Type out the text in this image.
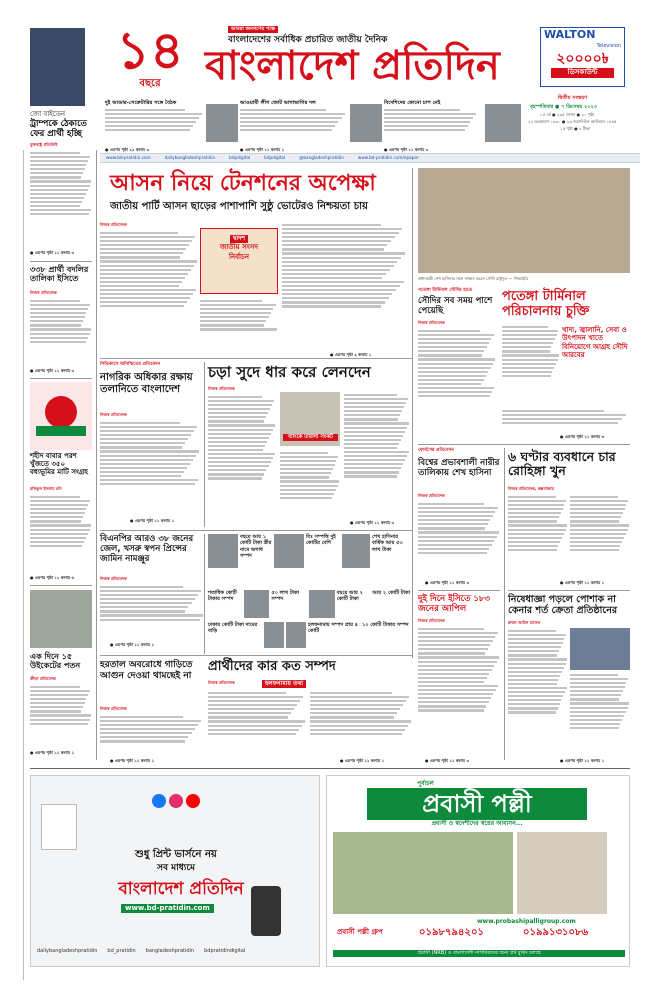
১৪
বছরে
আমরা জনগণের পক্ষে
বাংলাদেশের সর্বাধিক প্রচারিত জাতীয় দৈনিক
বাংলাদেশ প্রতিদিন
WALTON
Television
২০০০০৳
ডিসকাউন্ট
দ্বিতীয় সংস্করণ
বৃহস্পতিবার ● ৭ ডিসেম্বর ২০২৩
১৫ বর্ষ ● ২৩৫ সংখ্যা ● ২০ পৃষ্ঠা
২২ অগ্রহায়ণ ১৪৩০ ● ২৩ জমাদিউল আউয়াল ১৪৪৫
১৫ পৃষ্ঠা ● ৮ টাকা
জো বাইডেন
ট্রাম্পকে ঠেকাতে ফের প্রার্থী হচ্ছি
যুক্তরাষ্ট্র প্রতিনিধি
দুই আন্ডার-সেক্রেটারির সঙ্গে বৈঠক
● এরপর পৃষ্ঠা ২২ কলাম ৩
আওয়ামী লীগ জোট ভাগাভাগির দল
● এরপর পৃষ্ঠা ১১ কলাম ১
বিদেশিদের কোনো চাপ নেই
● এরপর পৃষ্ঠা ১১ কলাম ৩
www.bd-pratidin.com	dailybangladeshpratidin	bdpdigital	bdpdigital	@bangladeshpratidin	www.bd-pratidin.com/epaper
● এরপর পৃষ্ঠা ১১ কলাম ৩
৩৩৮ প্রার্থী বদলির তালিকা ইসিতে
নিজস্ব প্রতিবেদক
● এরপর পৃষ্ঠা ১১ কলাম ৩
শহীদ বাবার পরশ খুঁজতে ৩৫০ বধ্যভূমির মাটি সংগ্রহ
রফিকুল ইসলাম রনি
● এরপর পৃষ্ঠা ১১ কলাম ৬
এক দিনে ১৫ উইকেটের পতন
ক্রীড়া প্রতিবেদক
● এরপর পৃষ্ঠা ১১ কলাম ১
আসন নিয়ে টেনশনের অপেক্ষা
জাতীয় পার্টি আসন ছাড়ের পাশাপাশি সুষ্ঠু ভোটেরও নিশ্চয়তা চায়
নিজস্ব প্রতিবেদক
দ্বাদশ
জাতীয় সংসদ
নির্বাচন
● এরপর পৃষ্ঠা ২ কলাম ১
প্রধানমন্ত্রী শেখ হাসিনার সঙ্গে সাক্ষাৎ করেন সৌদি রাষ্ট্রদূত — পিআইডি
পতেঙ্গা টার্মিনাল সৌদির হাতে
সৌদির সব সময় পাশে পেয়েছি
পতেঙ্গা টার্মিনাল পরিচালনায় চুক্তি
নিজস্ব প্রতিবেদক
খাদ্য, জ্বালানি, সেবা ও উৎপাদন খাতে বিনিয়োগে আগ্রহ সৌদি আরবের
● এরপর পৃষ্ঠা ১১ কলাম ৬
সিভিকাসে অনিশ্চিতের প্রতিবেদন
নাগরিক অধিকার রক্ষায় তলানিতে বাংলাদেশ
নিজস্ব প্রতিবেদক
● এরপর পৃষ্ঠা ১১ কলাম ১
চড়া সুদে ধার করে লেনদেন
নিজস্ব প্রতিবেদক
ব্যাংকে তারল্য সংকট
● এরপর পৃষ্ঠা ১১ কলাম ৩
বিএনপির আরও ৩৮ জনের জেল, খসরু স্বপন প্রিন্সের জামিন নামঞ্জুর
নিজস্ব প্রতিবেদক
● এরপর পৃষ্ঠা ১১ কলাম ১
বছরে আয় ১ কোটি টাকা স্ত্রীর নামে অগাধ সম্পদ
বিঃ সম্পত্তি দুই কোটির বেশি
শেখ হাসিনার বার্ষিক আয় ৫৩ লাখ টাকা
শতাধিক কোটি টাকার সম্পদ
৫০ লাখ টাকা সম্পদ
বছরে আয় ২ কোটি টাকা
আয় ২ কোটি টাকা
ঢাকায় কোটি টাকা দামের বাড়ি
হলফনামায় সম্পদ প্রায় ৪ কোটি
১০ কোটি টাকার সম্পদ
হরতাল অবরোধে গাড়িতে আগুন দেওয়া থামছেই না
নিজস্ব প্রতিবেদক
● এরপর পৃষ্ঠা ১১ কলাম ১
প্রার্থীদের কার কত সম্পদ
নিজস্ব প্রতিবেদক	হলফনামায় তথ্য
● এরপর পৃষ্ঠা ১১ কলাম ১
ফোর্বসের প্রতিবেদন
বিশ্বের প্রভাবশালী নারীর তালিকায় শেখ হাসিনা
নিজস্ব প্রতিবেদক
● এরপর পৃষ্ঠা ১১ কলাম ৩
দুই দিনে ইসিতে ১৮৩ জনের আপিল
নিজস্ব প্রতিবেদক
● এরপর পৃষ্ঠা ১১ কলাম ৩
৬ ঘণ্টার ব্যবধানে চার রোহিঙ্গা খুন
নিজস্ব প্রতিবেদক, কক্সবাজার
● এরপর পৃষ্ঠা ১১ কলাম ১
নিষেধাজ্ঞা পড়লে পোশাক না কেনার শর্ত ক্রেতা প্রতিষ্ঠানের
রুহুল আমিন রাসেল
● এরপর পৃষ্ঠা ১১ কলাম ১
শুধু প্রিন্ট ভার্সনে নয়
সব মাধ্যমে
বাংলাদেশ প্রতিদিন
www.bd-pratidin.com
dailybangladeshpratidin bd_pratidin bangladeshpratidin bdpratidindigital
পূর্বাচল
প্রবাসী পল্লী
প্রবাসী ও স্বদেশীদের স্বপ্নের আবাসন...
www.probashipalligroup.com
প্রবাসী পল্লী গ্রুপ	০১৯৮৭৯৪২০১	০১৯৯১৩১০৮৬
প্রবাসী (NRB) ও বাংলাদেশী নাগরিকদের জন্য প্লট বুকিং চলছে
